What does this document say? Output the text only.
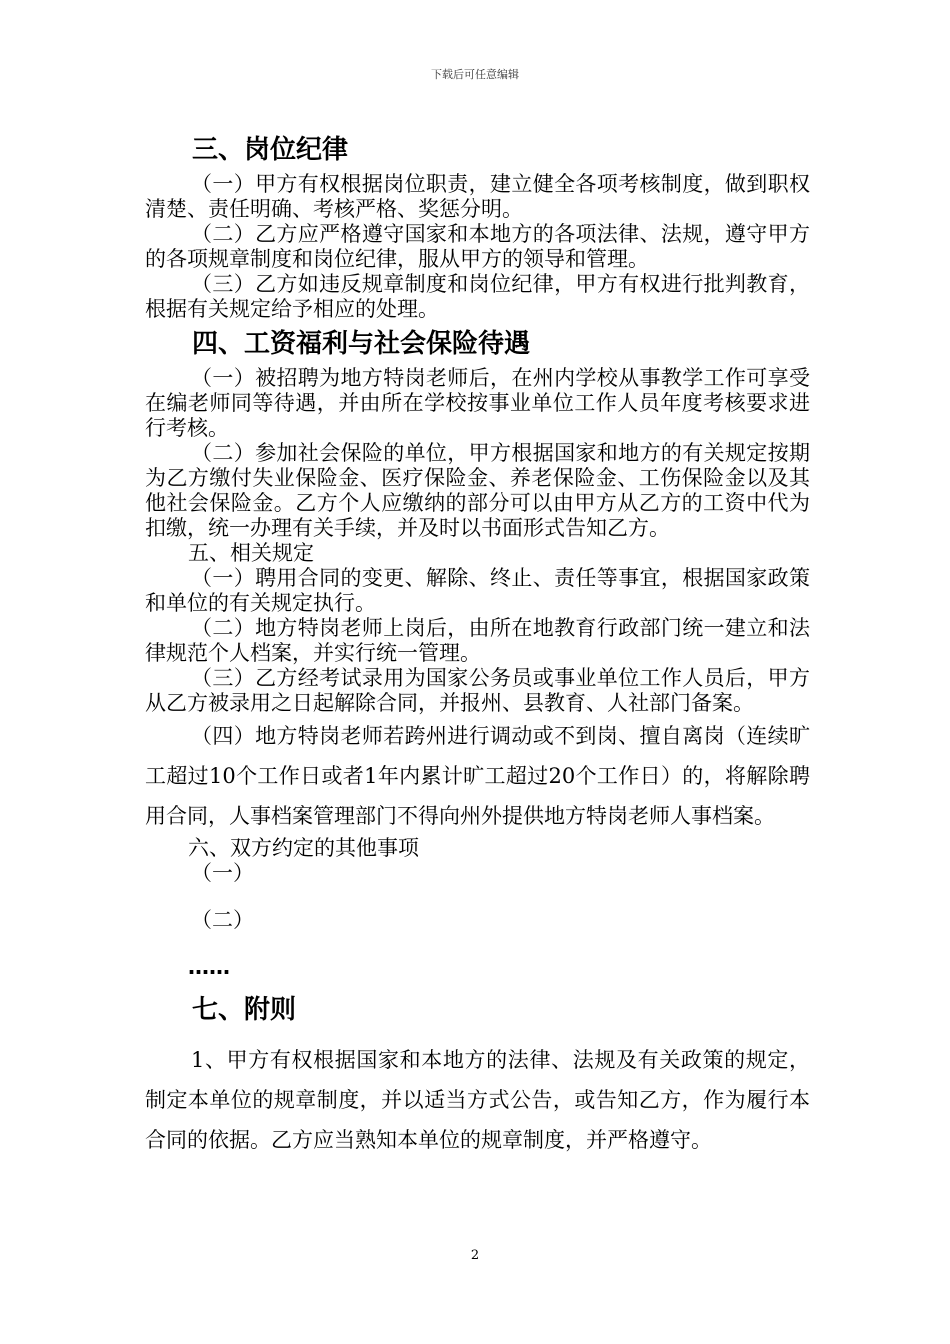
下载后可任意编辑
三、岗位纪律

（一）甲方有权根据岗位职责，建立健全各项考核制度，做到职权清楚、责任明确、考核严格、奖惩分明。

（二）乙方应严格遵守国家和本地方的各项法律、法规，遵守甲方的各项规章制度和岗位纪律，服从甲方的领导和管理。

（三）乙方如违反规章制度和岗位纪律，甲方有权进行批判教育，根据有关规定给予相应的处理。

四、工资福利与社会保险待遇

（一）被招聘为地方特岗老师后，在州内学校从事教学工作可享受在编老师同等待遇，并由所在学校按事业单位工作人员年度考核要求进行考核。

（二）参加社会保险的单位，甲方根据国家和地方的有关规定按期为乙方缴付失业保险金、医疗保险金、养老保险金、工伤保险金以及其他社会保险金。乙方个人应缴纳的部分可以由甲方从乙方的工资中代为扣缴，统一办理有关手续，并及时以书面形式告知乙方。

五、相关规定

（一）聘用合同的变更、解除、终止、责任等事宜，根据国家政策和单位的有关规定执行。

（二）地方特岗老师上岗后，由所在地教育行政部门统一建立和法律规范个人档案，并实行统一管理。

（三）乙方经考试录用为国家公务员或事业单位工作人员后，甲方从乙方被录用之日起解除合同，并报州、县教育、人社部门备案。

（四）地方特岗老师若跨州进行调动或不到岗、擅自离岗（连续旷工超过10个工作日或者1年内累计旷工超过20个工作日）的，将解除聘用合同，人事档案管理部门不得向州外提供地方特岗老师人事档案。

六、双方约定的其他事项

（一）

（二）

……

七、附则

1、甲方有权根据国家和本地方的法律、法规及有关政策的规定，制定本单位的规章制度，并以适当方式公告，或告知乙方，作为履行本合同的依据。乙方应当熟知本单位的规章制度，并严格遵守。

2
